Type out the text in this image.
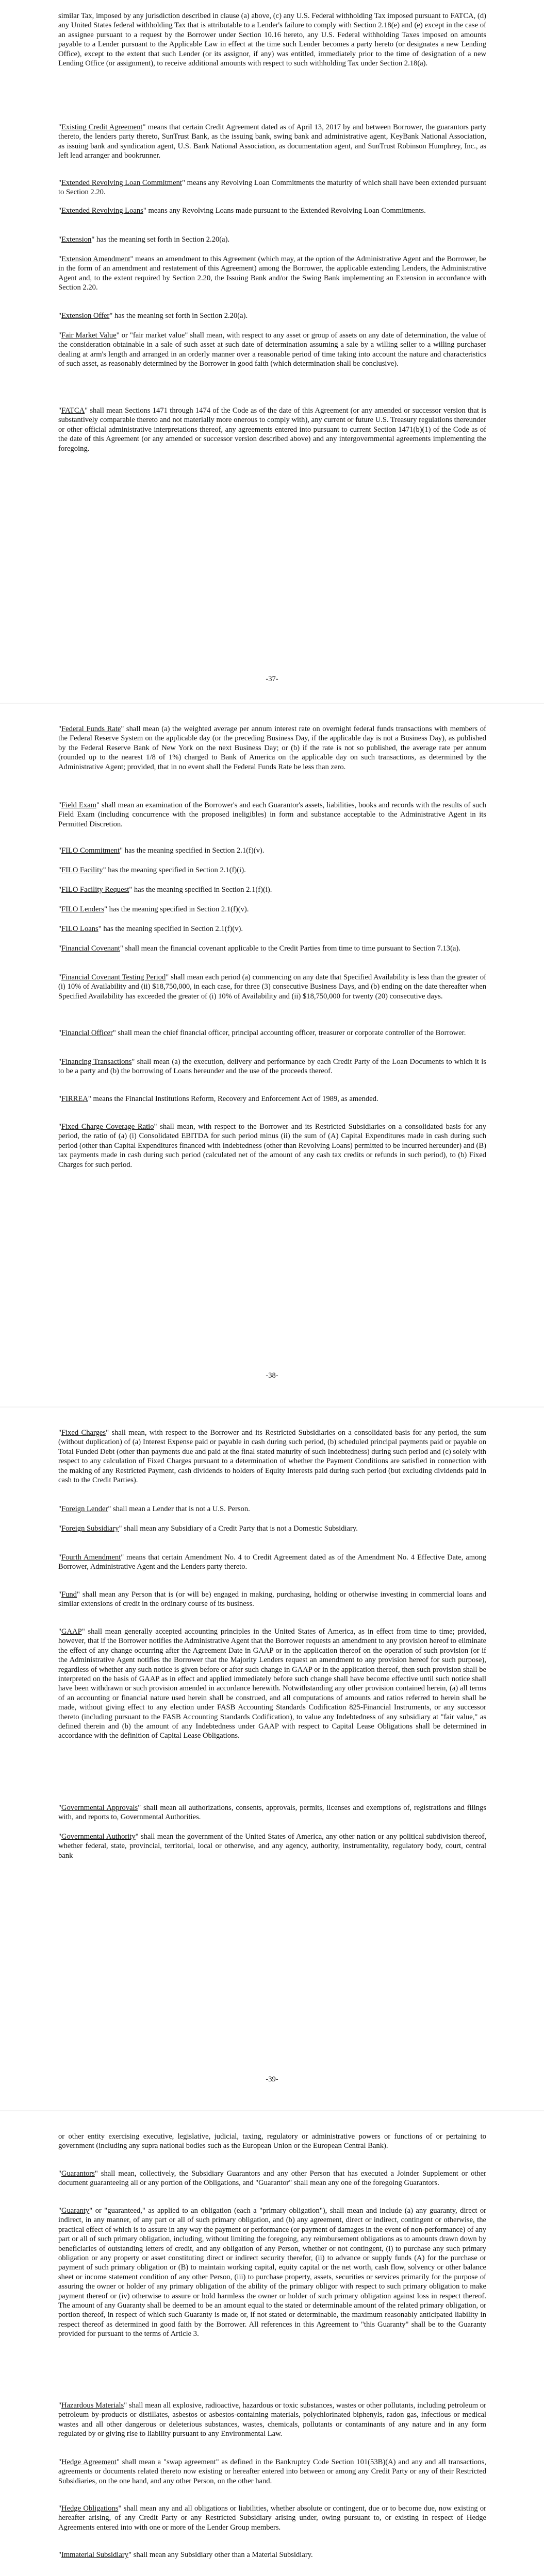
similar Tax, imposed by any jurisdiction described in clause (a) above, (c) any U.S. Federal withholding Tax imposed pursuant to FATCA, (d) any United States federal withholding Tax that is attributable to a Lender's failure to comply with Section 2.18(e) and (e) except in the case of an assignee pursuant to a request by the Borrower under Section 10.16 hereto, any U.S. Federal withholding Taxes imposed on amounts payable to a Lender pursuant to the Applicable Law in effect at the time such Lender becomes a party hereto (or designates a new Lending Office), except to the extent that such Lender (or its assignor, if any) was entitled, immediately prior to the time of designation of a new Lending Office (or assignment), to receive additional amounts with respect to such withholding Tax under Section 2.18(a).

"Existing Credit Agreement" means that certain Credit Agreement dated as of April 13, 2017 by and between Borrower, the guarantors party thereto, the lenders party thereto, SunTrust Bank, as the issuing bank, swing bank and administrative agent, KeyBank National Association, as issuing bank and syndication agent, U.S. Bank National Association, as documentation agent, and SunTrust Robinson Humphrey, Inc., as left lead arranger and bookrunner.

"Extended Revolving Loan Commitment" means any Revolving Loan Commitments the maturity of which shall have been extended pursuant to Section 2.20.

"Extended Revolving Loans" means any Revolving Loans made pursuant to the Extended Revolving Loan Commitments.

"Extension" has the meaning set forth in Section 2.20(a).

"Extension Amendment" means an amendment to this Agreement (which may, at the option of the Administrative Agent and the Borrower, be in the form of an amendment and restatement of this Agreement) among the Borrower, the applicable extending Lenders, the Administrative Agent and, to the extent required by Section 2.20, the Issuing Bank and/or the Swing Bank implementing an Extension in accordance with Section 2.20.

"Extension Offer" has the meaning set forth in Section 2.20(a).

"Fair Market Value" or "fair market value" shall mean, with respect to any asset or group of assets on any date of determination, the value of the consideration obtainable in a sale of such asset at such date of determination assuming a sale by a willing seller to a willing purchaser dealing at arm's length and arranged in an orderly manner over a reasonable period of time taking into account the nature and characteristics of such asset, as reasonably determined by the Borrower in good faith (which determination shall be conclusive).

"FATCA" shall mean Sections 1471 through 1474 of the Code as of the date of this Agreement (or any amended or successor version that is substantively comparable thereto and not materially more onerous to comply with), any current or future U.S. Treasury regulations thereunder or other official administrative interpretations thereof, any agreements entered into pursuant to current Section 1471(b)(1) of the Code as of the date of this Agreement (or any amended or successor version described above) and any intergovernmental agreements implementing the foregoing.

-37-

"Federal Funds Rate" shall mean (a) the weighted average per annum interest rate on overnight federal funds transactions with members of the Federal Reserve System on the applicable day (or the preceding Business Day, if the applicable day is not a Business Day), as published by the Federal Reserve Bank of New York on the next Business Day; or (b) if the rate is not so published, the average rate per annum (rounded up to the nearest 1/8 of 1%) charged to Bank of America on the applicable day on such transactions, as determined by the Administrative Agent; provided, that in no event shall the Federal Funds Rate be less than zero.

"Field Exam" shall mean an examination of the Borrower's and each Guarantor's assets, liabilities, books and records with the results of such Field Exam (including concurrence with the proposed ineligibles) in form and substance acceptable to the Administrative Agent in its Permitted Discretion.

"FILO Commitment" has the meaning specified in Section 2.1(f)(v).

"FILO Facility" has the meaning specified in Section 2.1(f)(i).

"FILO Facility Request" has the meaning specified in Section 2.1(f)(i).

"FILO Lenders" has the meaning specified in Section 2.1(f)(v).

"FILO Loans" has the meaning specified in Section 2.1(f)(v).

"Financial Covenant" shall mean the financial covenant applicable to the Credit Parties from time to time pursuant to Section 7.13(a).

"Financial Covenant Testing Period" shall mean each period (a) commencing on any date that Specified Availability is less than the greater of (i) 10% of Availability and (ii) $18,750,000, in each case, for three (3) consecutive Business Days, and (b) ending on the date thereafter when Specified Availability has exceeded the greater of (i) 10% of Availability and (ii) $18,750,000 for twenty (20) consecutive days.

"Financial Officer" shall mean the chief financial officer, principal accounting officer, treasurer or corporate controller of the Borrower.

"Financing Transactions" shall mean (a) the execution, delivery and performance by each Credit Party of the Loan Documents to which it is to be a party and (b) the borrowing of Loans hereunder and the use of the proceeds thereof.

"FIRREA" means the Financial Institutions Reform, Recovery and Enforcement Act of 1989, as amended.

"Fixed Charge Coverage Ratio" shall mean, with respect to the Borrower and its Restricted Subsidiaries on a consolidated basis for any period, the ratio of (a) (i) Consolidated EBITDA for such period minus (ii) the sum of (A) Capital Expenditures made in cash during such period (other than Capital Expenditures financed with Indebtedness (other than Revolving Loans) permitted to be incurred hereunder) and (B) tax payments made in cash during such period (calculated net of the amount of any cash tax credits or refunds in such period), to (b) Fixed Charges for such period.

-38-

"Fixed Charges" shall mean, with respect to the Borrower and its Restricted Subsidiaries on a consolidated basis for any period, the sum (without duplication) of (a) Interest Expense paid or payable in cash during such period, (b) scheduled principal payments paid or payable on Total Funded Debt (other than payments due and paid at the final stated maturity of such Indebtedness) during such period and (c) solely with respect to any calculation of Fixed Charges pursuant to a determination of whether the Payment Conditions are satisfied in connection with the making of any Restricted Payment, cash dividends to holders of Equity Interests paid during such period (but excluding dividends paid in cash to the Credit Parties).

"Foreign Lender" shall mean a Lender that is not a U.S. Person.

"Foreign Subsidiary" shall mean any Subsidiary of a Credit Party that is not a Domestic Subsidiary.

"Fourth Amendment" means that certain Amendment No. 4 to Credit Agreement dated as of the Amendment No. 4 Effective Date, among Borrower, Administrative Agent and the Lenders party thereto.

"Fund" shall mean any Person that is (or will be) engaged in making, purchasing, holding or otherwise investing in commercial loans and similar extensions of credit in the ordinary course of its business.

"GAAP" shall mean generally accepted accounting principles in the United States of America, as in effect from time to time; provided, however, that if the Borrower notifies the Administrative Agent that the Borrower requests an amendment to any provision hereof to eliminate the effect of any change occurring after the Agreement Date in GAAP or in the application thereof on the operation of such provision (or if the Administrative Agent notifies the Borrower that the Majority Lenders request an amendment to any provision hereof for such purpose), regardless of whether any such notice is given before or after such change in GAAP or in the application thereof, then such provision shall be interpreted on the basis of GAAP as in effect and applied immediately before such change shall have become effective until such notice shall have been withdrawn or such provision amended in accordance herewith. Notwithstanding any other provision contained herein, (a) all terms of an accounting or financial nature used herein shall be construed, and all computations of amounts and ratios referred to herein shall be made, without giving effect to any election under FASB Accounting Standards Codification 825-Financial Instruments, or any successor thereto (including pursuant to the FASB Accounting Standards Codification), to value any Indebtedness of any subsidiary at "fair value," as defined therein and (b) the amount of any Indebtedness under GAAP with respect to Capital Lease Obligations shall be determined in accordance with the definition of Capital Lease Obligations.

"Governmental Approvals" shall mean all authorizations, consents, approvals, permits, licenses and exemptions of, registrations and filings with, and reports to, Governmental Authorities.

"Governmental Authority" shall mean the government of the United States of America, any other nation or any political subdivision thereof, whether federal, state, provincial, territorial, local or otherwise, and any agency, authority, instrumentality, regulatory body, court, central bank

-39-

or other entity exercising executive, legislative, judicial, taxing, regulatory or administrative powers or functions of or pertaining to government (including any supra national bodies such as the European Union or the European Central Bank).

"Guarantors" shall mean, collectively, the Subsidiary Guarantors and any other Person that has executed a Joinder Supplement or other document guaranteeing all or any portion of the Obligations, and "Guarantor" shall mean any one of the foregoing Guarantors.

"Guaranty" or "guaranteed," as applied to an obligation (each a "primary obligation"), shall mean and include (a) any guaranty, direct or indirect, in any manner, of any part or all of such primary obligation, and (b) any agreement, direct or indirect, contingent or otherwise, the practical effect of which is to assure in any way the payment or performance (or payment of damages in the event of non-performance) of any part or all of such primary obligation, including, without limiting the foregoing, any reimbursement obligations as to amounts drawn down by beneficiaries of outstanding letters of credit, and any obligation of any Person, whether or not contingent, (i) to purchase any such primary obligation or any property or asset constituting direct or indirect security therefor, (ii) to advance or supply funds (A) for the purchase or payment of such primary obligation or (B) to maintain working capital, equity capital or the net worth, cash flow, solvency or other balance sheet or income statement condition of any other Person, (iii) to purchase property, assets, securities or services primarily for the purpose of assuring the owner or holder of any primary obligation of the ability of the primary obligor with respect to such primary obligation to make payment thereof or (iv) otherwise to assure or hold harmless the owner or holder of such primary obligation against loss in respect thereof. The amount of any Guaranty shall be deemed to be an amount equal to the stated or determinable amount of the related primary obligation, or portion thereof, in respect of which such Guaranty is made or, if not stated or determinable, the maximum reasonably anticipated liability in respect thereof as determined in good faith by the Borrower. All references in this Agreement to "this Guaranty" shall be to the Guaranty provided for pursuant to the terms of Article 3.

"Hazardous Materials" shall mean all explosive, radioactive, hazardous or toxic substances, wastes or other pollutants, including petroleum or petroleum by-products or distillates, asbestos or asbestos-containing materials, polychlorinated biphenyls, radon gas, infectious or medical wastes and all other dangerous or deleterious substances, wastes, chemicals, pollutants or contaminants of any nature and in any form regulated by or giving rise to liability pursuant to any Environmental Law.

"Hedge Agreement" shall mean a "swap agreement" as defined in the Bankruptcy Code Section 101(53B)(A) and any and all transactions, agreements or documents related thereto now existing or hereafter entered into between or among any Credit Party or any of their Restricted Subsidiaries, on the one hand, and any other Person, on the other hand.

"Hedge Obligations" shall mean any and all obligations or liabilities, whether absolute or contingent, due or to become due, now existing or hereafter arising, of any Credit Party or any Restricted Subsidiary arising under, owing pursuant to, or existing in respect of Hedge Agreements entered into with one or more of the Lender Group members.

"Immaterial Subsidiary" shall mean any Subsidiary other than a Material Subsidiary.
